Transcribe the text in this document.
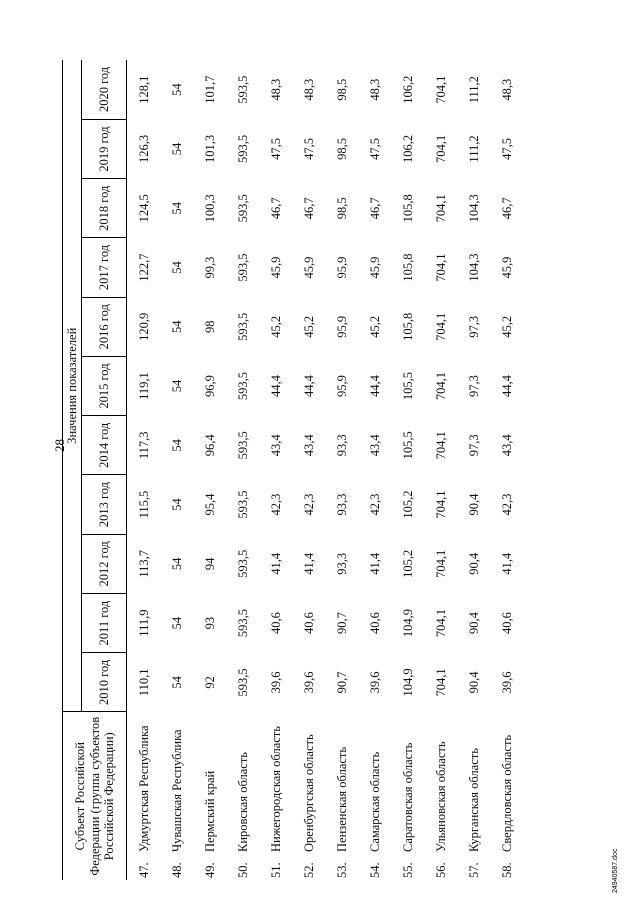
28
24940587.doc
Субъект Российской Федерации (группа субъектов Российской Федерации)	Значения показателей										
	2010 год	2011 год	2012 год	2013 год	2014 год	2015 год	2016 год	2017 год	2018 год	2019 год	2020 год
47.Удмуртская Республика	110,1	111,9	113,7	115,5	117,3	119,1	120,9	122,7	124,5	126,3	128,1
48.Чувашская Республика	54	54	54	54	54	54	54	54	54	54	54
49.Пермский край	92	93	94	95,4	96,4	96,9	98	99,3	100,3	101,3	101,7
50.Кировская область	593,5	593,5	593,5	593,5	593,5	593,5	593,5	593,5	593,5	593,5	593,5
51.Нижегородская область	39,6	40,6	41,4	42,3	43,4	44,4	45,2	45,9	46,7	47,5	48,3
52.Оренбургская область	39,6	40,6	41,4	42,3	43,4	44,4	45,2	45,9	46,7	47,5	48,3
53.Пензенская область	90,7	90,7	93,3	93,3	93,3	95,9	95,9	95,9	98,5	98,5	98,5
54.Самарская область	39,6	40,6	41,4	42,3	43,4	44,4	45,2	45,9	46,7	47,5	48,3
55.Саратовская область	104,9	104,9	105,2	105,2	105,5	105,5	105,8	105,8	105,8	106,2	106,2
56.Ульяновская область	704,1	704,1	704,1	704,1	704,1	704,1	704,1	704,1	704,1	704,1	704,1
57.Курганская область	90,4	90,4	90,4	90,4	97,3	97,3	97,3	104,3	104,3	111,2	111,2
58.Свердловская область	39,6	40,6	41,4	42,3	43,4	44,4	45,2	45,9	46,7	47,5	48,3
